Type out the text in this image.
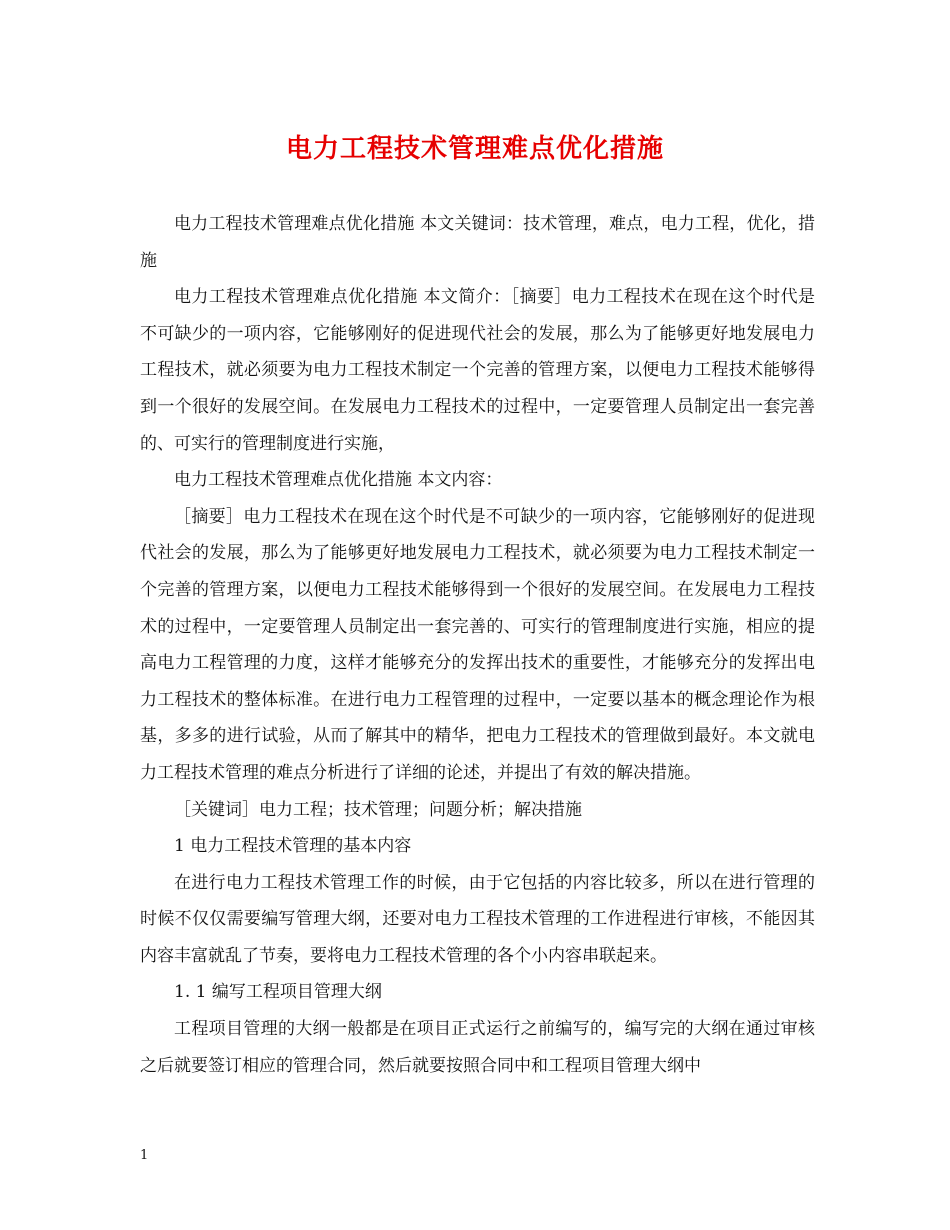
电力工程技术管理难点优化措施

电力工程技术管理难点优化措施 本文关键词：技术管理，难点，电力工程，优化，措施

电力工程技术管理难点优化措施 本文简介：［摘要］电力工程技术在现在这个时代是不可缺少的一项内容，它能够刚好的促进现代社会的发展，那么为了能够更好地发展电力工程技术，就必须要为电力工程技术制定一个完善的管理方案，以便电力工程技术能够得到一个很好的发展空间。在发展电力工程技术的过程中，一定要管理人员制定出一套完善的、可实行的管理制度进行实施，

电力工程技术管理难点优化措施 本文内容：

［摘要］电力工程技术在现在这个时代是不可缺少的一项内容，它能够刚好的促进现代社会的发展，那么为了能够更好地发展电力工程技术，就必须要为电力工程技术制定一个完善的管理方案，以便电力工程技术能够得到一个很好的发展空间。在发展电力工程技术的过程中，一定要管理人员制定出一套完善的、可实行的管理制度进行实施，相应的提高电力工程管理的力度，这样才能够充分的发挥出技术的重要性，才能够充分的发挥出电力工程技术的整体标准。在进行电力工程管理的过程中，一定要以基本的概念理论作为根基，多多的进行试验，从而了解其中的精华，把电力工程技术的管理做到最好。本文就电力工程技术管理的难点分析进行了详细的论述，并提出了有效的解决措施。

［关键词］电力工程；技术管理；问题分析；解决措施

1 电力工程技术管理的基本内容

在进行电力工程技术管理工作的时候，由于它包括的内容比较多，所以在进行管理的时候不仅仅需要编写管理大纲，还要对电力工程技术管理的工作进程进行审核，不能因其内容丰富就乱了节奏，要将电力工程技术管理的各个小内容串联起来。

1. 1 编写工程项目管理大纲

工程项目管理的大纲一般都是在项目正式运行之前编写的，编写完的大纲在通过审核之后就要签订相应的管理合同，然后就要按照合同中和工程项目管理大纲中

1
